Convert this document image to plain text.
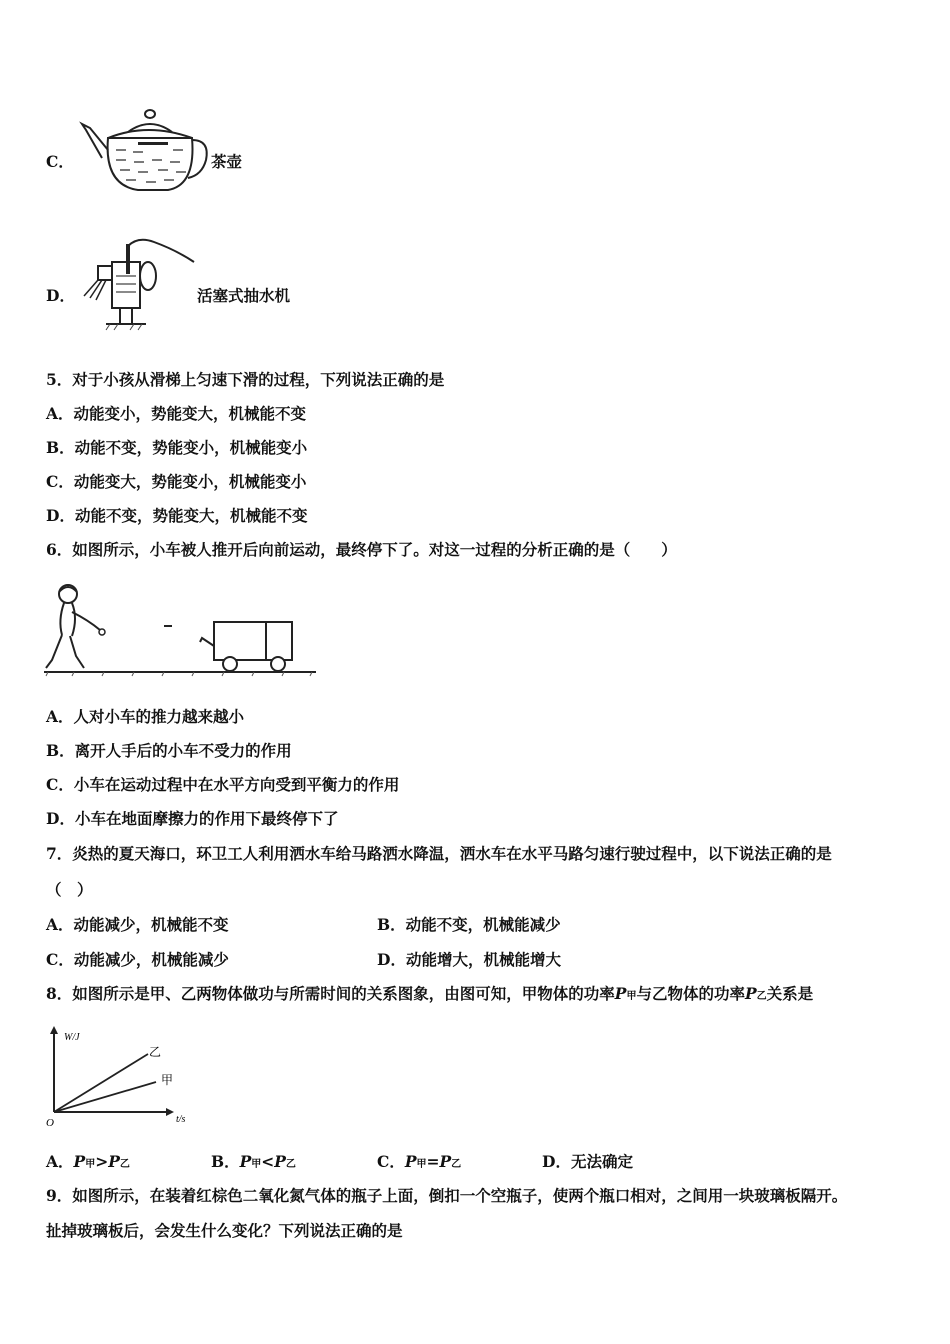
C．	茶壶
D．	活塞式抽水机
5．对于小孩从滑梯上匀速下滑的过程，下列说法正确的是
A．动能变小，势能变大，机械能不变
B．动能不变，势能变小，机械能变小
C．动能变大，势能变小，机械能变小
D．动能不变，势能变大，机械能不变
6．如图所示，小车被人推开后向前运动，最终停下了。对这一过程的分析正确的是（　　）
A．人对小车的推力越来越小
B．离开人手后的小车不受力的作用
C．小车在运动过程中在水平方向受到平衡力的作用
D．小车在地面摩擦力的作用下最终停下了
7．炎热的夏天海口，环卫工人利用洒水车给马路洒水降温，洒水车在水平马路匀速行驶过程中，以下说法正确的是
（　）
A．动能减少，机械能不变	B．动能不变，机械能减少
C．动能减少，机械能减少	D．动能增大，机械能增大
8．如图所示是甲、乙两物体做功与所需时间的关系图象，由图可知，甲物体的功率P甲与乙物体的功率P乙关系是
W/J
t/s
O
乙
甲
A．P甲>P乙	B．P甲<P乙	C．P甲=P乙	D．无法确定
9．如图所示，在装着红棕色二氧化氮气体的瓶子上面，倒扣一个空瓶子，使两个瓶口相对，之间用一块玻璃板隔开。
扯掉玻璃板后，会发生什么变化？下列说法正确的是
